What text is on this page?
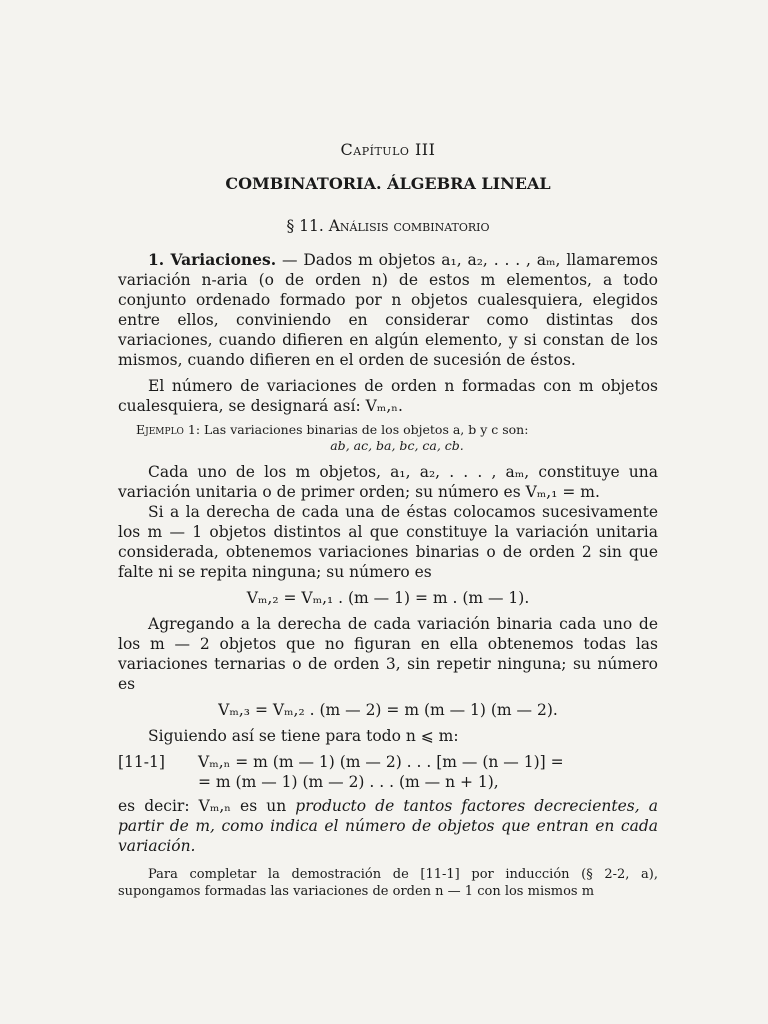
Capítulo III
COMBINATORIA. ÁLGEBRA LINEAL
§ 11. Análisis combinatorio

1. Variaciones. — Dados m objetos a₁, a₂, . . . , aₘ, llamaremos variación n-aria (o de orden n) de estos m elementos, a todo conjunto ordenado formado por n objetos cualesquiera, elegidos entre ellos, conviniendo en considerar como distintas dos variaciones, cuando difieren en algún elemento, y si constan de los mismos, cuando difieren en el orden de sucesión de éstos.

El número de variaciones de orden n formadas con m objetos cualesquiera, se designará así: Vₘ,ₙ.

Ejemplo 1: Las variaciones binarias de los objetos a, b y c son:
ab, ac, ba, bc, ca, cb.

Cada uno de los m objetos, a₁, a₂, . . . , aₘ, constituye una variación unitaria o de primer orden; su número es Vₘ,₁ = m.

Si a la derecha de cada una de éstas colocamos sucesivamente los m — 1 objetos distintos al que constituye la variación unitaria considerada, obtenemos variaciones binarias o de orden 2 sin que falte ni se repita ninguna; su número es

Vₘ,₂ = Vₘ,₁ . (m — 1) = m . (m — 1).

Agregando a la derecha de cada variación binaria cada uno de los m — 2 objetos que no figuran en ella obtenemos todas las variaciones ternarias o de orden 3, sin repetir ninguna; su número es

Vₘ,₃ = Vₘ,₂ . (m — 2) = m (m — 1) (m — 2).

Siguiendo así se tiene para todo n ⩽ m:

[11-1] Vₘ,ₙ = m (m — 1) (m — 2) . . . [m — (n — 1)] =
= m (m — 1) (m — 2) . . . (m — n + 1),

es decir: Vₘ,ₙ es un producto de tantos factores decrecientes, a partir de m, como indica el número de objetos que entran en cada variación.

Para completar la demostración de [11-1] por inducción (§ 2-2, a), supongamos formadas las variaciones de orden n — 1 con los mismos m
